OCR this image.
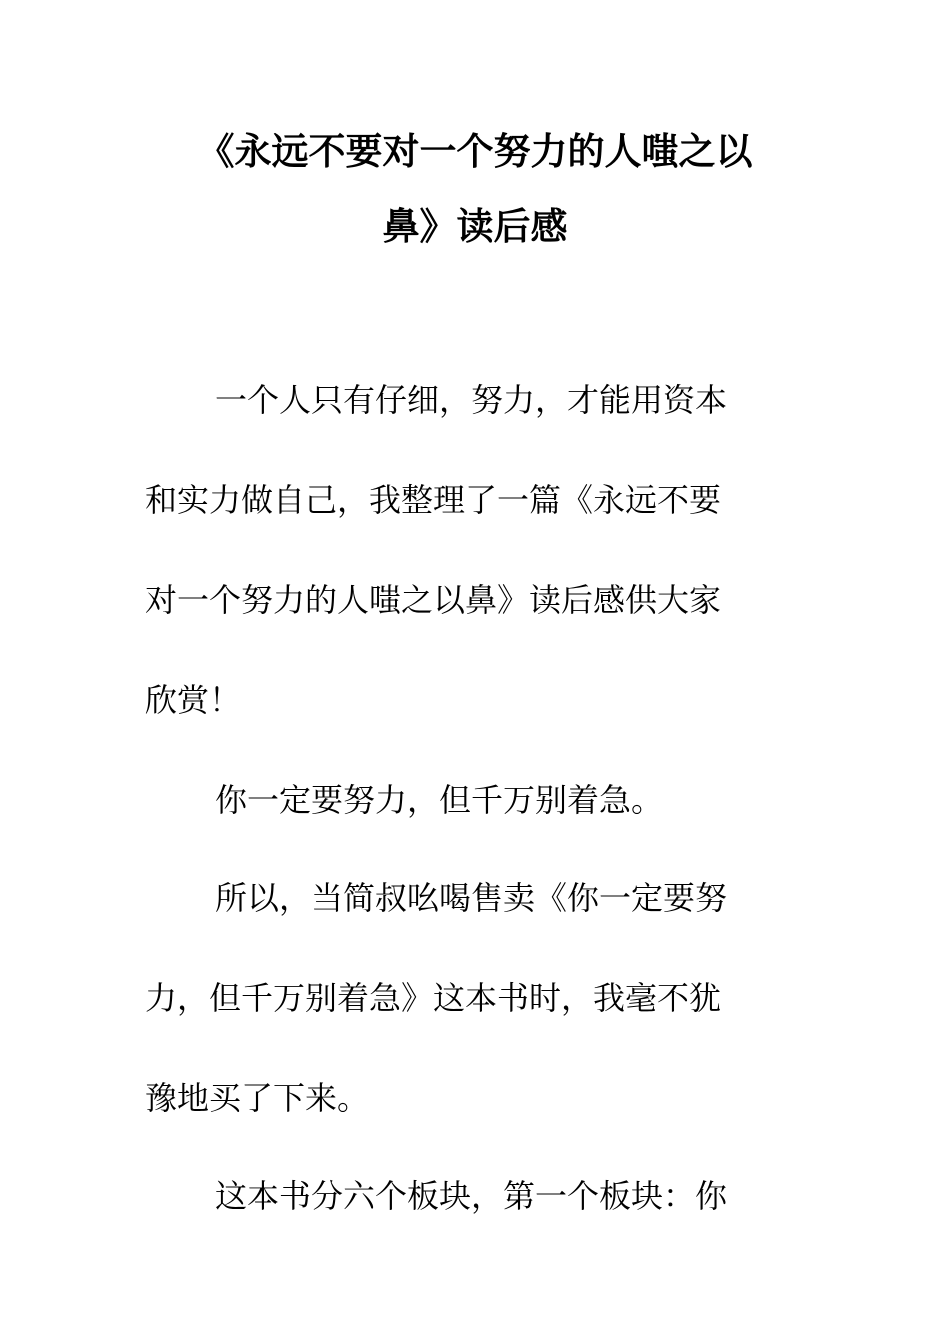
《永远不要对一个努力的人嗤之以
鼻》读后感
一个人只有仔细，努力，才能用资本
和实力做自己，我整理了一篇《永远不要
对一个努力的人嗤之以鼻》读后感供大家
欣赏！
你一定要努力，但千万别着急。
所以，当简叔吆喝售卖《你一定要努
力，但千万别着急》这本书时，我毫不犹
豫地买了下来。
这本书分六个板块，第一个板块：你
